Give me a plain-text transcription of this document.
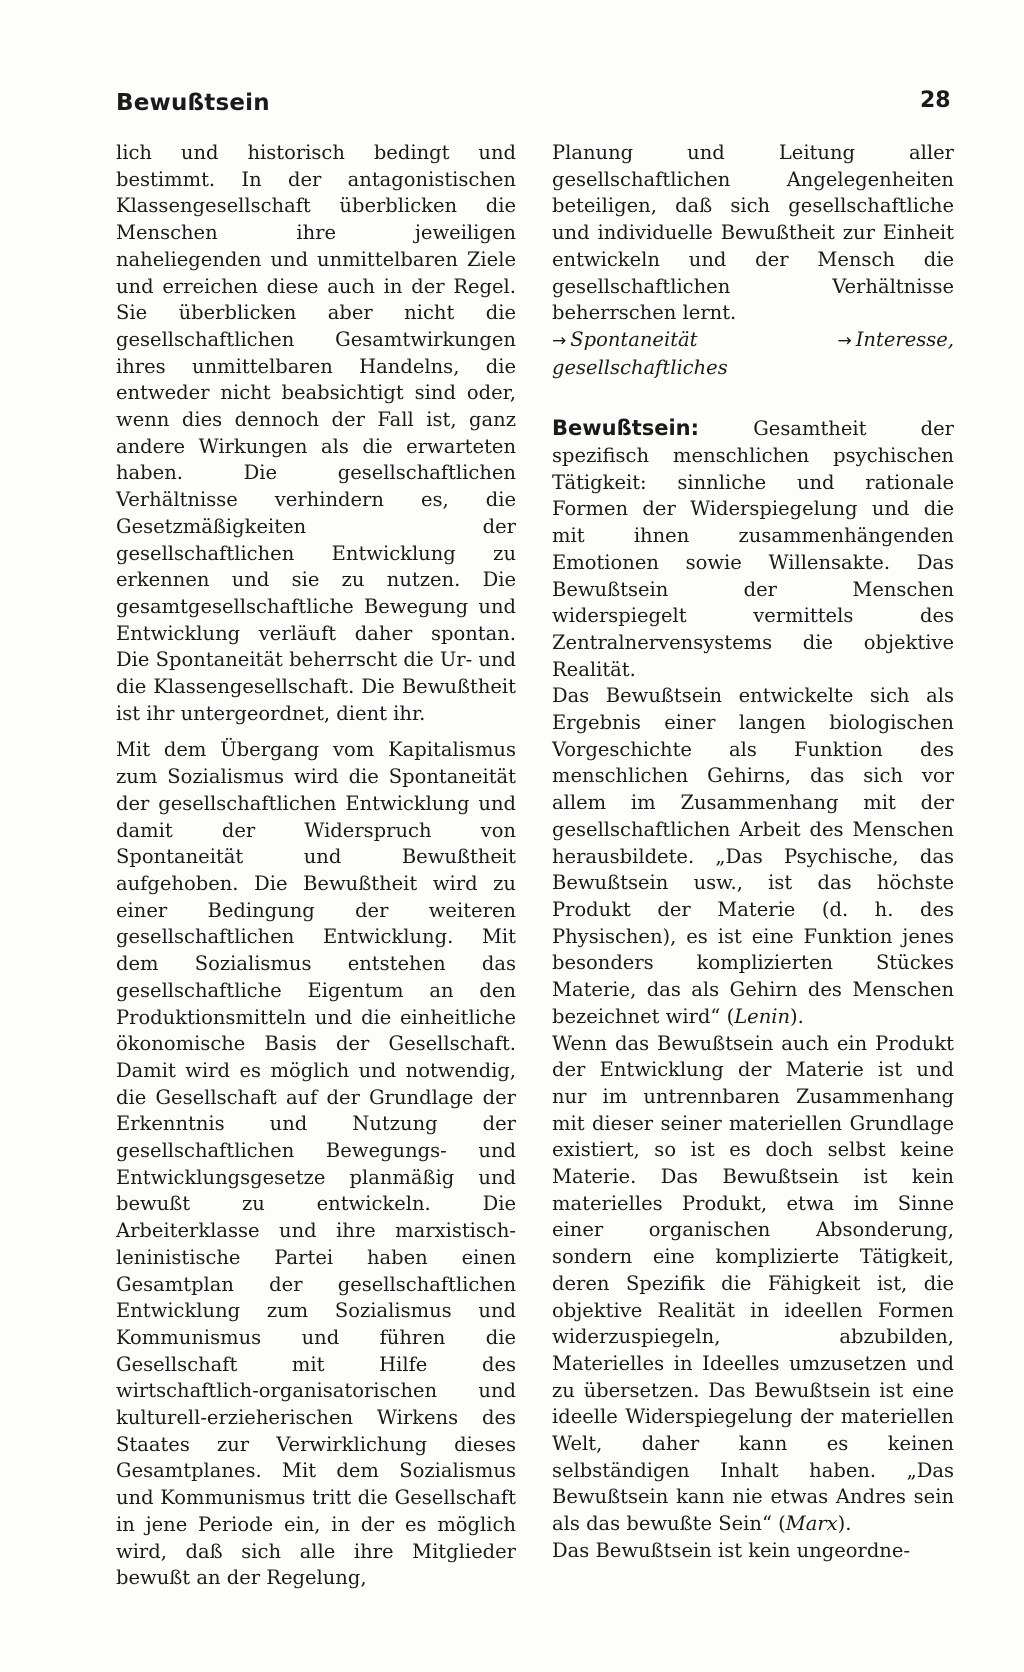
Bewußtsein	28

lich und historisch bedingt und bestimmt. In der antagonistischen Klassengesellschaft überblicken die Menschen ihre jeweiligen naheliegenden und unmittelbaren Ziele und erreichen diese auch in der Regel. Sie überblicken aber nicht die gesellschaftlichen Gesamtwirkungen ihres unmittelbaren Handelns, die entweder nicht beabsichtigt sind oder, wenn dies dennoch der Fall ist, ganz andere Wirkungen als die erwarteten haben. Die gesellschaftlichen Verhältnisse verhindern es, die Gesetzmäßigkeiten der gesellschaftlichen Entwicklung zu erkennen und sie zu nutzen. Die gesamtgesellschaftliche Bewegung und Entwicklung verläuft daher spontan. Die Spontaneität beherrscht die Ur- und die Klassengesellschaft. Die Bewußtheit ist ihr untergeordnet, dient ihr.

Mit dem Übergang vom Kapitalismus zum Sozialismus wird die Spontaneität der gesellschaftlichen Entwicklung und damit der Widerspruch von Spontaneität und Bewußtheit aufgehoben. Die Bewußtheit wird zu einer Bedingung der weiteren gesellschaftlichen Entwicklung. Mit dem Sozialismus entstehen das gesellschaftliche Eigentum an den Produktionsmitteln und die einheitliche ökonomische Basis der Gesellschaft. Damit wird es möglich und notwendig, die Gesellschaft auf der Grundlage der Erkenntnis und Nutzung der gesellschaftlichen Bewegungs- und Entwicklungsgesetze planmäßig und bewußt zu entwickeln. Die Arbeiterklasse und ihre marxistisch-leninistische Partei haben einen Gesamtplan der gesellschaftlichen Entwicklung zum Sozialismus und Kommunismus und führen die Gesellschaft mit Hilfe des wirtschaftlich-organisatorischen und kulturell-erzieherischen Wirkens des Staates zur Verwirklichung dieses Gesamtplanes. Mit dem Sozialismus und Kommunismus tritt die Gesellschaft in jene Periode ein, in der es möglich wird, daß sich alle ihre Mitglieder bewußt an der Regelung,

Planung und Leitung aller gesellschaftlichen Angelegenheiten beteiligen, daß sich gesellschaftliche und individuelle Bewußtheit zur Einheit entwickeln und der Mensch die gesellschaftlichen Verhältnisse beherrschen lernt.

→ Spontaneität	→ Interesse, gesellschaftliches

Bewußtsein:	Gesamtheit der spezifisch menschlichen psychischen Tätigkeit: sinnliche und rationale Formen der Widerspiegelung und die mit ihnen zusammenhängenden Emotionen sowie Willensakte. Das Bewußtsein der Menschen widerspiegelt vermittels des Zentralnervensystems die objektive Realität.

Das Bewußtsein entwickelte sich als Ergebnis einer langen biologischen Vorgeschichte als Funktion des menschlichen Gehirns, das sich vor allem im Zusammenhang mit der gesellschaftlichen Arbeit des Menschen herausbildete. „Das Psychische, das Bewußtsein usw., ist das höchste Produkt der Materie (d. h. des Physischen), es ist eine Funktion jenes besonders komplizierten Stückes Materie, das als Gehirn des Menschen bezeichnet wird“ (Lenin).

Wenn das Bewußtsein auch ein Produkt der Entwicklung der Materie ist und nur im untrennbaren Zusammenhang mit dieser seiner materiellen Grundlage existiert, so ist es doch selbst keine Materie. Das Bewußtsein ist kein materielles Produkt, etwa im Sinne einer organischen Absonderung, sondern eine komplizierte Tätigkeit, deren Spezifik die Fähigkeit ist, die objektive Realität in ideellen Formen widerzuspiegeln, abzubilden, Materielles in Ideelles umzusetzen und zu übersetzen. Das Bewußtsein ist eine ideelle Widerspiegelung der materiellen Welt, daher kann es keinen selbständigen Inhalt haben. „Das Bewußtsein kann nie etwas Andres sein als das bewußte Sein“ (Marx).

Das Bewußtsein ist kein ungeordne-
